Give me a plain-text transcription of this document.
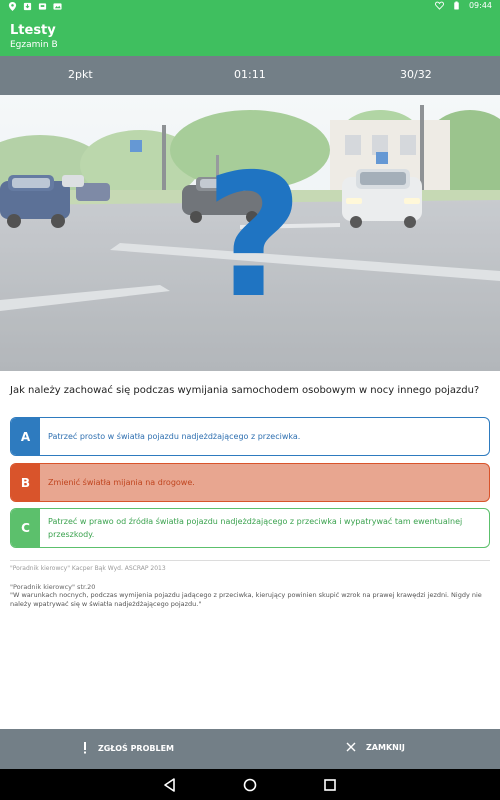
09:44
Ltesty
Egzamin B
2pkt	01:11	30/32
?
Jak należy zachować się podczas wymijania samochodem osobowym w nocy innego pojazdu?
A	Patrzeć prosto w światła pojazdu nadjeżdżającego z przeciwka.
B	Zmienić światła mijania na drogowe.
C	Patrzeć w prawo od źródła światła pojazdu nadjeżdżającego z przeciwka i wypatrywać tam ewentualnej przeszkody.
"Poradnik kierowcy" Kacper Bąk Wyd. ASCRAP 2013
"Poradnik kierowcy" str.20
"W warunkach nocnych, podczas wymijenia pojazdu jadącego z przeciwka, kierujący powinien skupić wzrok na prawej krawędzi jezdni. Nigdy nie należy wpatrywać się w światła nadjeżdżającego pojazdu."
ZGŁOŚ PROBLEM	ZAMKNIJ
